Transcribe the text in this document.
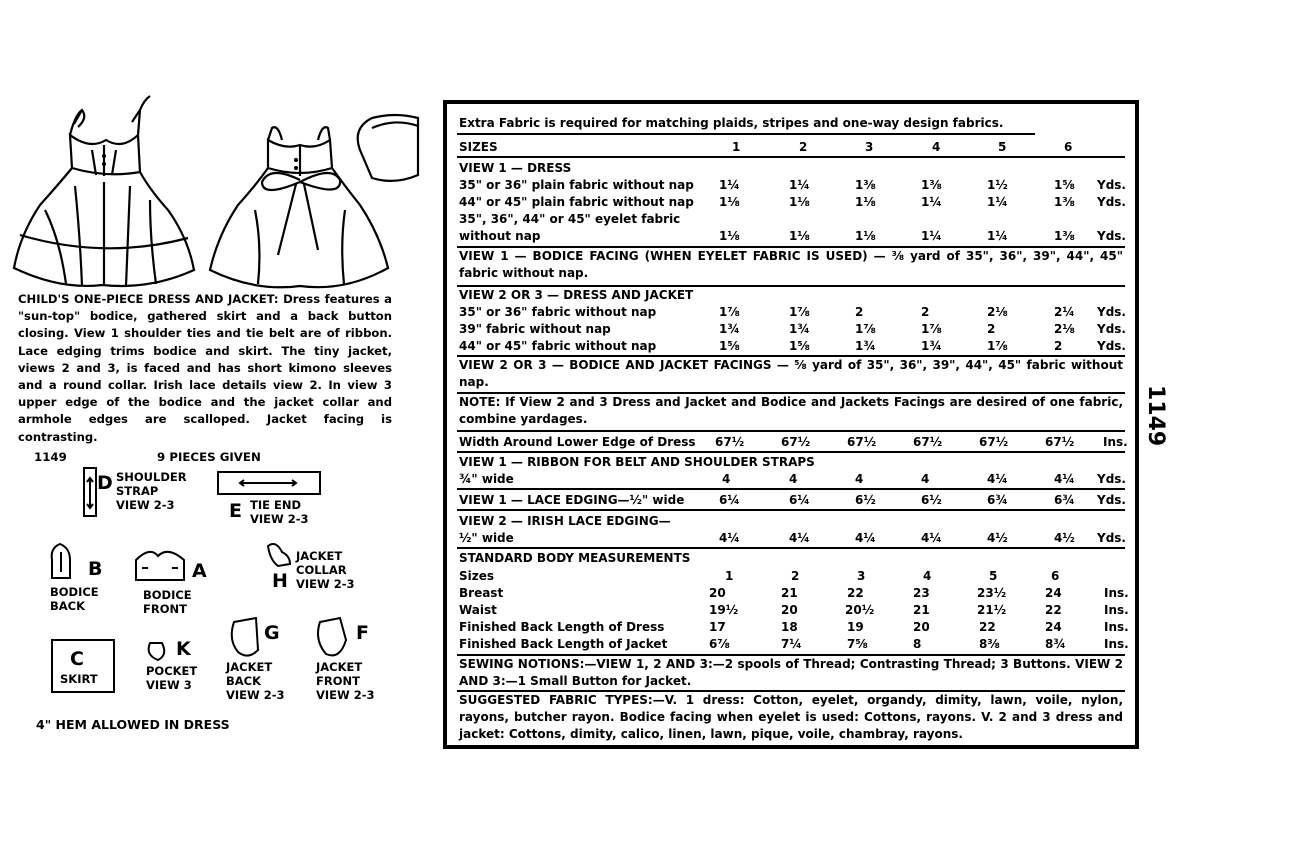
CHILD'S ONE-PIECE DRESS AND JACKET: Dress features a "sun-top" bodice, gathered skirt and a back button closing. View 1 shoulder ties and tie belt are of ribbon. Lace edging trims bodice and skirt. The tiny jacket, views 2 and 3, is faced and has short kimono sleeves and a round collar. Irish lace details view 2. In view 3 upper edge of the bodice and the jacket collar and armhole edges are scalloped. Jacket facing is contrasting.
1149	9 PIECES GIVEN
D SHOULDER
STRAP
VIEW 2-3	E TIE END
VIEW 2-3
B
BODICE
BACK
A
BODICE
FRONT
H
JACKET
COLLAR
VIEW 2-3
C
SKIRT
K
POCKET
VIEW 3
G
JACKET
BACK
VIEW 2-3
F
JACKET
FRONT
VIEW 2-3
4" HEM ALLOWED IN DRESS
Extra Fabric is required for matching plaids, stripes and one-way design fabrics.
SIZES	1	2	3	4	5	6
VIEW 1 — DRESS
35" or 36" plain fabric without nap 1¼	1¼	1⅜	1⅜	1½	1⅝ Yds.
44" or 45" plain fabric without nap 1⅛	1⅛	1⅛	1¼	1¼	1⅜ Yds.
35", 36", 44" or 45" eyelet fabric
without nap	1⅛	1⅛	1⅛	1¼	1¼	1⅜ Yds.
VIEW 1 — BODICE FACING (WHEN EYELET FABRIC IS USED) — ⅜ yard of 35", 36", 39", 44", 45" fabric without nap.
VIEW 2 OR 3 — DRESS AND JACKET
35" or 36" fabric without nap	1⅞	1⅞	2	2	2⅛	2¼ Yds.
39" fabric without nap	1¾	1¾	1⅞	1⅞	2	2⅛ Yds.
44" or 45" fabric without nap	1⅝	1⅝	1¾	1¾	1⅞	2	Yds.
VIEW 2 OR 3 — BODICE AND JACKET FACINGS — ⅝ yard of 35", 36", 39", 44", 45" fabric without nap.
NOTE: If View 2 and 3 Dress and Jacket and Bodice and Jackets Facings are desired of one fabric, combine yardages.
Width Around Lower Edge of Dress 67½	67½	67½	67½	67½	67½ Ins.
VIEW 1 — RIBBON FOR BELT AND SHOULDER STRAPS
¾" wide	4	4	4	4	4¼	4¼ Yds.
VIEW 1 — LACE EDGING—½" wide	6¼	6¼	6½	6½	6¾	6¾ Yds.
VIEW 2 — IRISH LACE EDGING—
½" wide	4¼	4¼	4¼	4¼	4½	4½ Yds.
STANDARD BODY MEASUREMENTS
Sizes	1	2	3	4	5	6
Breast	20	21	22	23	23½	24	Ins.
Waist	19½	20	20½	21	21½	22	Ins.
Finished Back Length of Dress	17	18	19	20	22	24	Ins.
Finished Back Length of Jacket	6⅞	7¼	7⅝	8	8⅜	8¾	Ins.
SEWING NOTIONS:—VIEW 1, 2 AND 3:—2 spools of Thread; Contrasting Thread; 3 Buttons. VIEW 2 AND 3:—1 Small Button for Jacket.
SUGGESTED FABRIC TYPES:—V. 1 dress: Cotton, eyelet, organdy, dimity, lawn, voile, nylon, rayons, butcher rayon. Bodice facing when eyelet is used: Cottons, rayons. V. 2 and 3 dress and jacket: Cottons, dimity, calico, linen, lawn, pique, voile, chambray, rayons.
1149
